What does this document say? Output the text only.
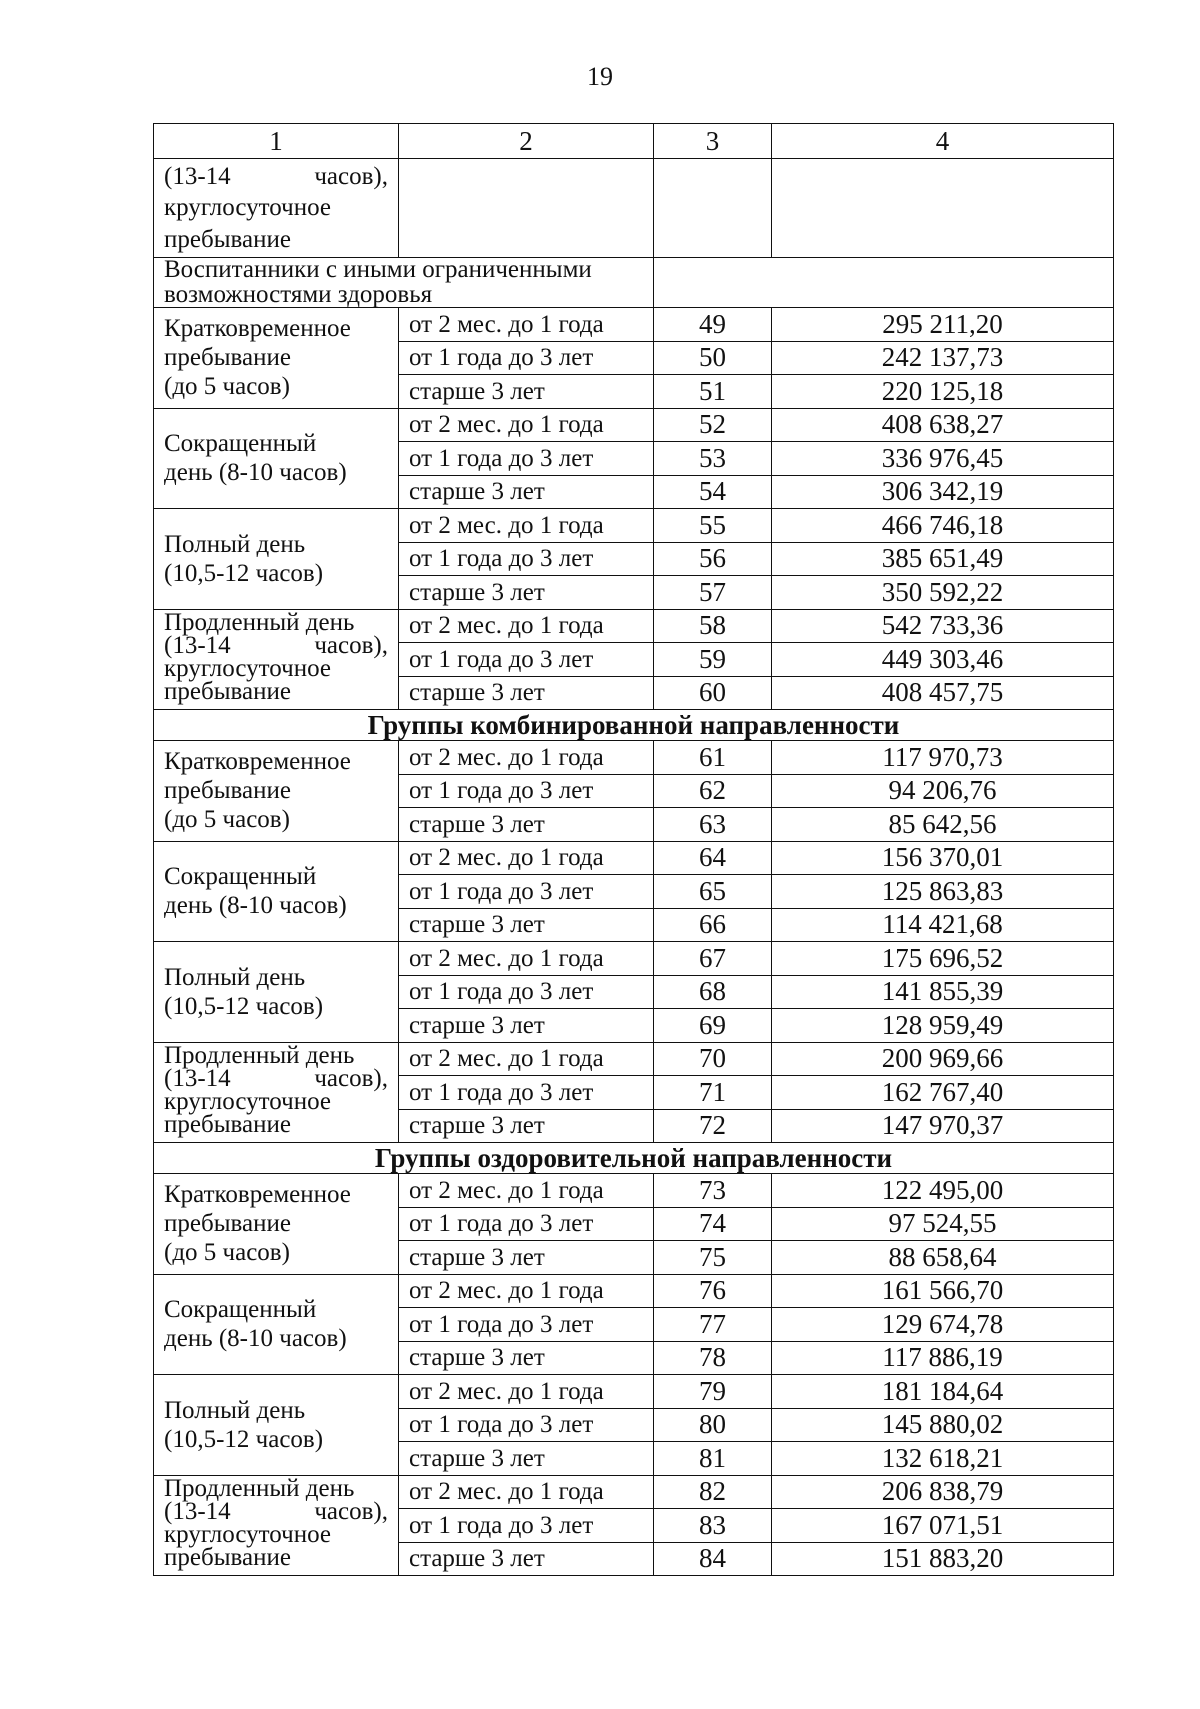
19
1	2	3	4

(13-14 часов),
круглосуточное
пребывание			
Воспитанники с иными ограниченными
возможностями здоровья			
Кратковременное
пребывание
(до 5 часов)	от 2 мес. до 1 года	49	295 211,20
	от 1 года до 3 лет	50	242 137,73
	старше 3 лет	51	220 125,18
Сокращенный
день (8-10 часов)	от 2 мес. до 1 года	52	408 638,27
	от 1 года до 3 лет	53	336 976,45
	старше 3 лет	54	306 342,19
Полный день
(10,5-12 часов)	от 2 мес. до 1 года	55	466 746,18
	от 1 года до 3 лет	56	385 651,49
	старше 3 лет	57	350 592,22
Продленный день

(13-14 часов),
круглосуточное
пребывание	от 2 мес. до 1 года	58	542 733,36
	от 1 года до 3 лет	59	449 303,46
	старше 3 лет	60	408 457,75
Группы комбинированной направленности			
Кратковременное
пребывание
(до 5 часов)	от 2 мес. до 1 года	61	117 970,73
	от 1 года до 3 лет	62	94 206,76
	старше 3 лет	63	85 642,56
Сокращенный
день (8-10 часов)	от 2 мес. до 1 года	64	156 370,01
	от 1 года до 3 лет	65	125 863,83
	старше 3 лет	66	114 421,68
Полный день
(10,5-12 часов)	от 2 мес. до 1 года	67	175 696,52
	от 1 года до 3 лет	68	141 855,39
	старше 3 лет	69	128 959,49
Продленный день

(13-14 часов),
круглосуточное
пребывание	от 2 мес. до 1 года	70	200 969,66
	от 1 года до 3 лет	71	162 767,40
	старше 3 лет	72	147 970,37
Группы оздоровительной направленности			
Кратковременное
пребывание
(до 5 часов)	от 2 мес. до 1 года	73	122 495,00
	от 1 года до 3 лет	74	97 524,55
	старше 3 лет	75	88 658,64
Сокращенный
день (8-10 часов)	от 2 мес. до 1 года	76	161 566,70
	от 1 года до 3 лет	77	129 674,78
	старше 3 лет	78	117 886,19
Полный день
(10,5-12 часов)	от 2 мес. до 1 года	79	181 184,64
	от 1 года до 3 лет	80	145 880,02
	старше 3 лет	81	132 618,21
Продленный день

(13-14 часов),
круглосуточное
пребывание	от 2 мес. до 1 года	82	206 838,79
	от 1 года до 3 лет	83	167 071,51
	старше 3 лет	84	151 883,20
